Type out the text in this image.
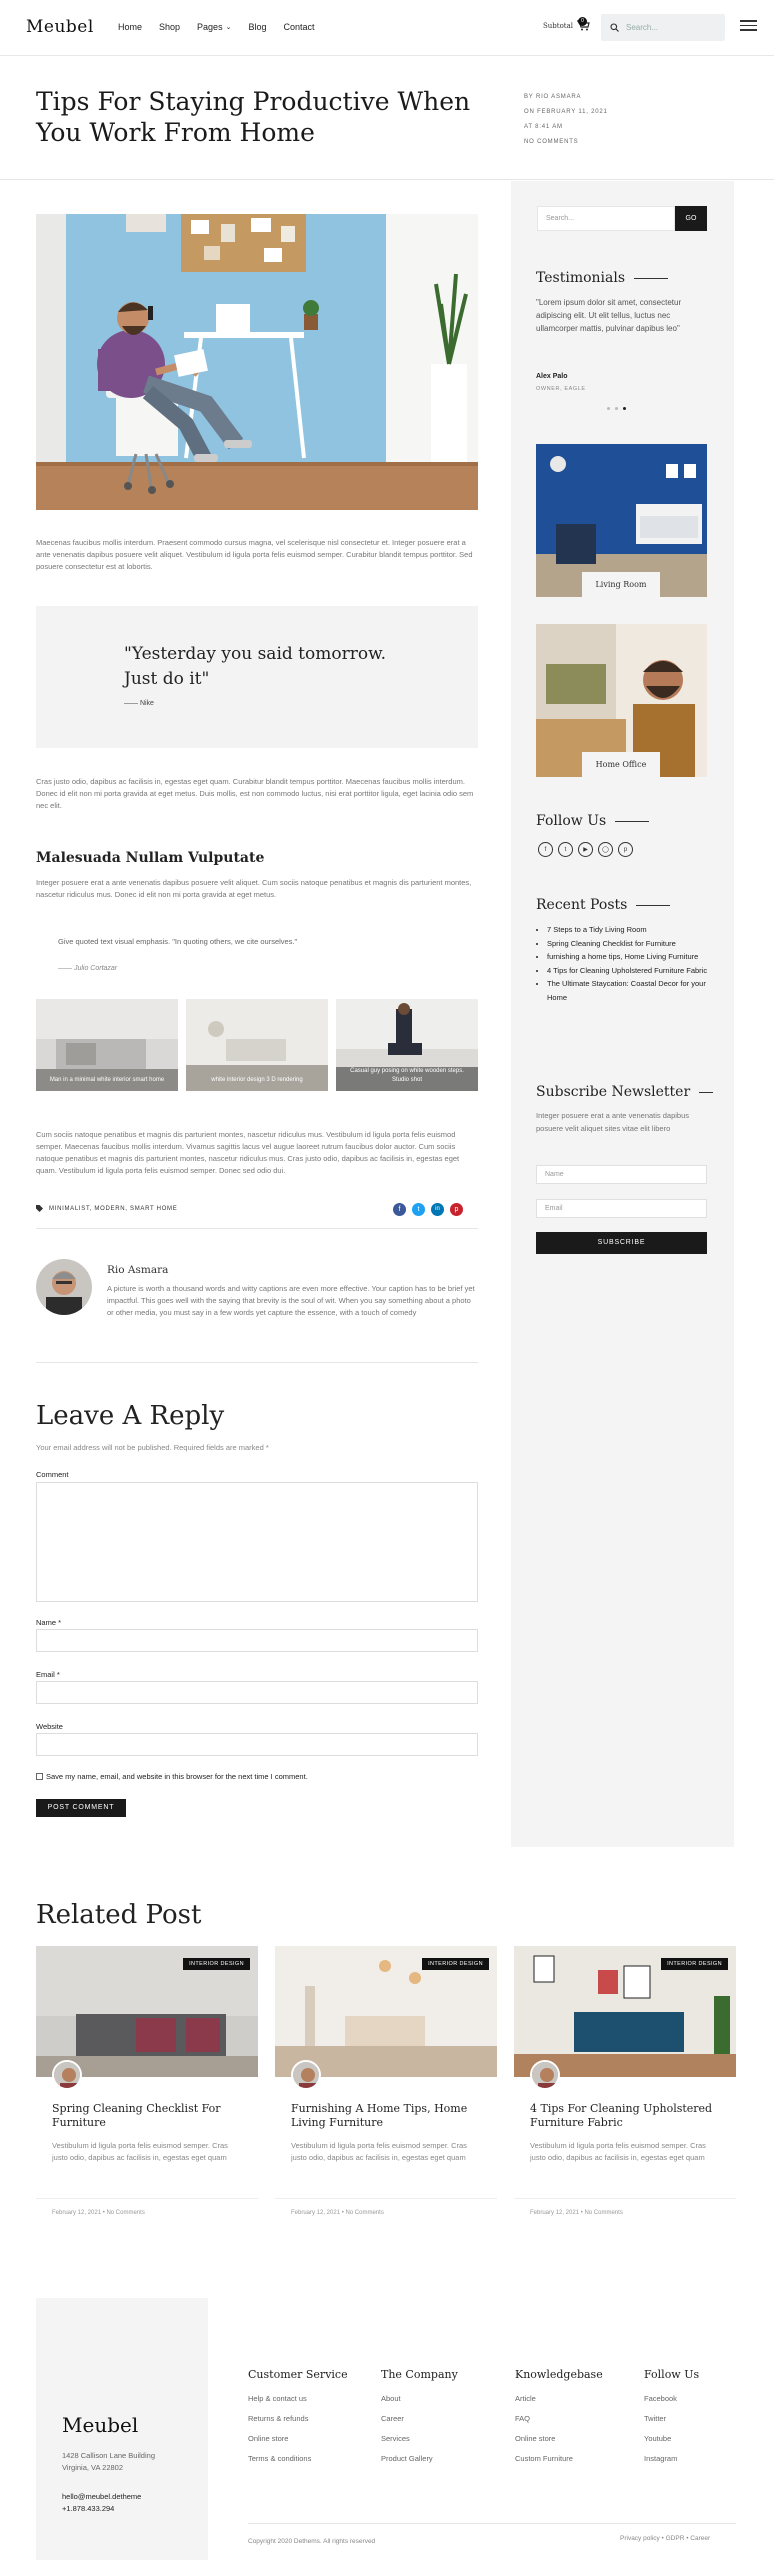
Meubel	Home Shop Pages ⌄ Blog Contact	Subtotal
0
Search...
Tips For Staying Productive When You Work From Home
BY RIO ASMARA
ON FEBRUARY 11, 2021
AT 8:41 AM
NO COMMENTS

Maecenas faucibus mollis interdum. Praesent commodo cursus magna, vel scelerisque nisl consectetur et. Integer posuere erat a ante venenatis dapibus posuere velit aliquet. Vestibulum id ligula porta felis euismod semper. Curabitur blandit tempus porttitor. Sed posuere consectetur est at lobortis.

"Yesterday you said tomorrow. Just do it"
—— Nike

Cras justo odio, dapibus ac facilisis in, egestas eget quam. Curabitur blandit tempus porttitor. Maecenas faucibus mollis interdum. Donec id elit non mi porta gravida at eget metus. Duis mollis, est non commodo luctus, nisi erat porttitor ligula, eget lacinia odio sem nec elit.

Malesuada Nullam Vulputate

Integer posuere erat a ante venenatis dapibus posuere velit aliquet. Cum sociis natoque penatibus et magnis dis parturient montes, nascetur ridiculus mus. Donec id elit non mi porta gravida at eget metus.

Give quoted text visual emphasis. "In quoting others, we cite ourselves."
—— Julio Cortazar
Man in a minimal white interior smart home	white interior design 3 D rendering
Casual guy posing on white wooden steps. Studio shot

Cum sociis natoque penatibus et magnis dis parturient montes, nascetur ridiculus mus. Vestibulum id ligula porta felis euismod semper. Maecenas faucibus mollis interdum. Vivamus sagittis lacus vel augue laoreet rutrum faucibus dolor auctor. Cum sociis natoque penatibus et magnis dis parturient montes, nascetur ridiculus mus. Cras justo odio, dapibus ac facilisis in, egestas eget quam. Vestibulum id ligula porta felis euismod semper. Donec sed odio dui.

MINIMALIST, MODERN, SMART HOME	f	t	in	p
Rio Asmara

A picture is worth a thousand words and witty captions are even more effective. Your caption has to be brief yet impactful. This goes well with the saying that brevity is the soul of wit. When you say something about a photo or other media, you must say in a few words yet capture the essence, with a touch of comedy

Leave A Reply
Your email address will not be published. Required fields are marked *
Comment
Name *
Email *
Website
Save my name, email, and website in this browser for the next time I comment.
POST COMMENT
Search...	GO
Testimonials
"Lorem ipsum dolor sit amet, consectetur adipiscing elit. Ut elit tellus, luctus nec ullamcorper mattis, pulvinar dapibus leo"
Alex Palo
OWNER, EAGLE
Living Room
Home Office
Follow Us
f	t	▶	◯	p
Recent Posts
• 7 Steps to a Tidy Living Room
• Spring Cleaning Checklist for Furniture
• furnishing a home tips, Home Living Furniture
• 4 Tips for Cleaning Upholstered Furniture Fabric
• The Ultimate Staycation: Coastal Decor for your Home
Subscribe Newsletter
Integer posuere erat a ante venenatis dapibus posuere velit aliquet sites vitae elit libero
Name
Email
SUBSCRIBE
Related Post
INTERIOR DESIGN
Spring Cleaning Checklist For Furniture
Vestibulum id ligula porta felis euismod semper. Cras justo odio, dapibus ac facilisis in, egestas eget quam
February 12, 2021 • No Comments
INTERIOR DESIGN
Furnishing A Home Tips, Home Living Furniture
Vestibulum id ligula porta felis euismod semper. Cras justo odio, dapibus ac facilisis in, egestas eget quam
February 12, 2021 • No Comments
INTERIOR DESIGN
4 Tips For Cleaning Upholstered Furniture Fabric
Vestibulum id ligula porta felis euismod semper. Cras justo odio, dapibus ac facilisis in, egestas eget quam
February 12, 2021 • No Comments
Meubel
1428 Callison Lane Building
Virginia, VA 22802
hello@meubel.dethemе
+1.878.433.294
Customer Service
Help & contact us
Returns & refunds
Online store
Terms & conditions
The Company
About
Career
Services
Product Gallery
Knowledgebase
Article
FAQ
Online store
Custom Furniture
Follow Us
Facebook
Twitter
Youtube
Instagram
Copyright 2020 Dethems. All rights reserved	Privacy policy • GDPR • Career
